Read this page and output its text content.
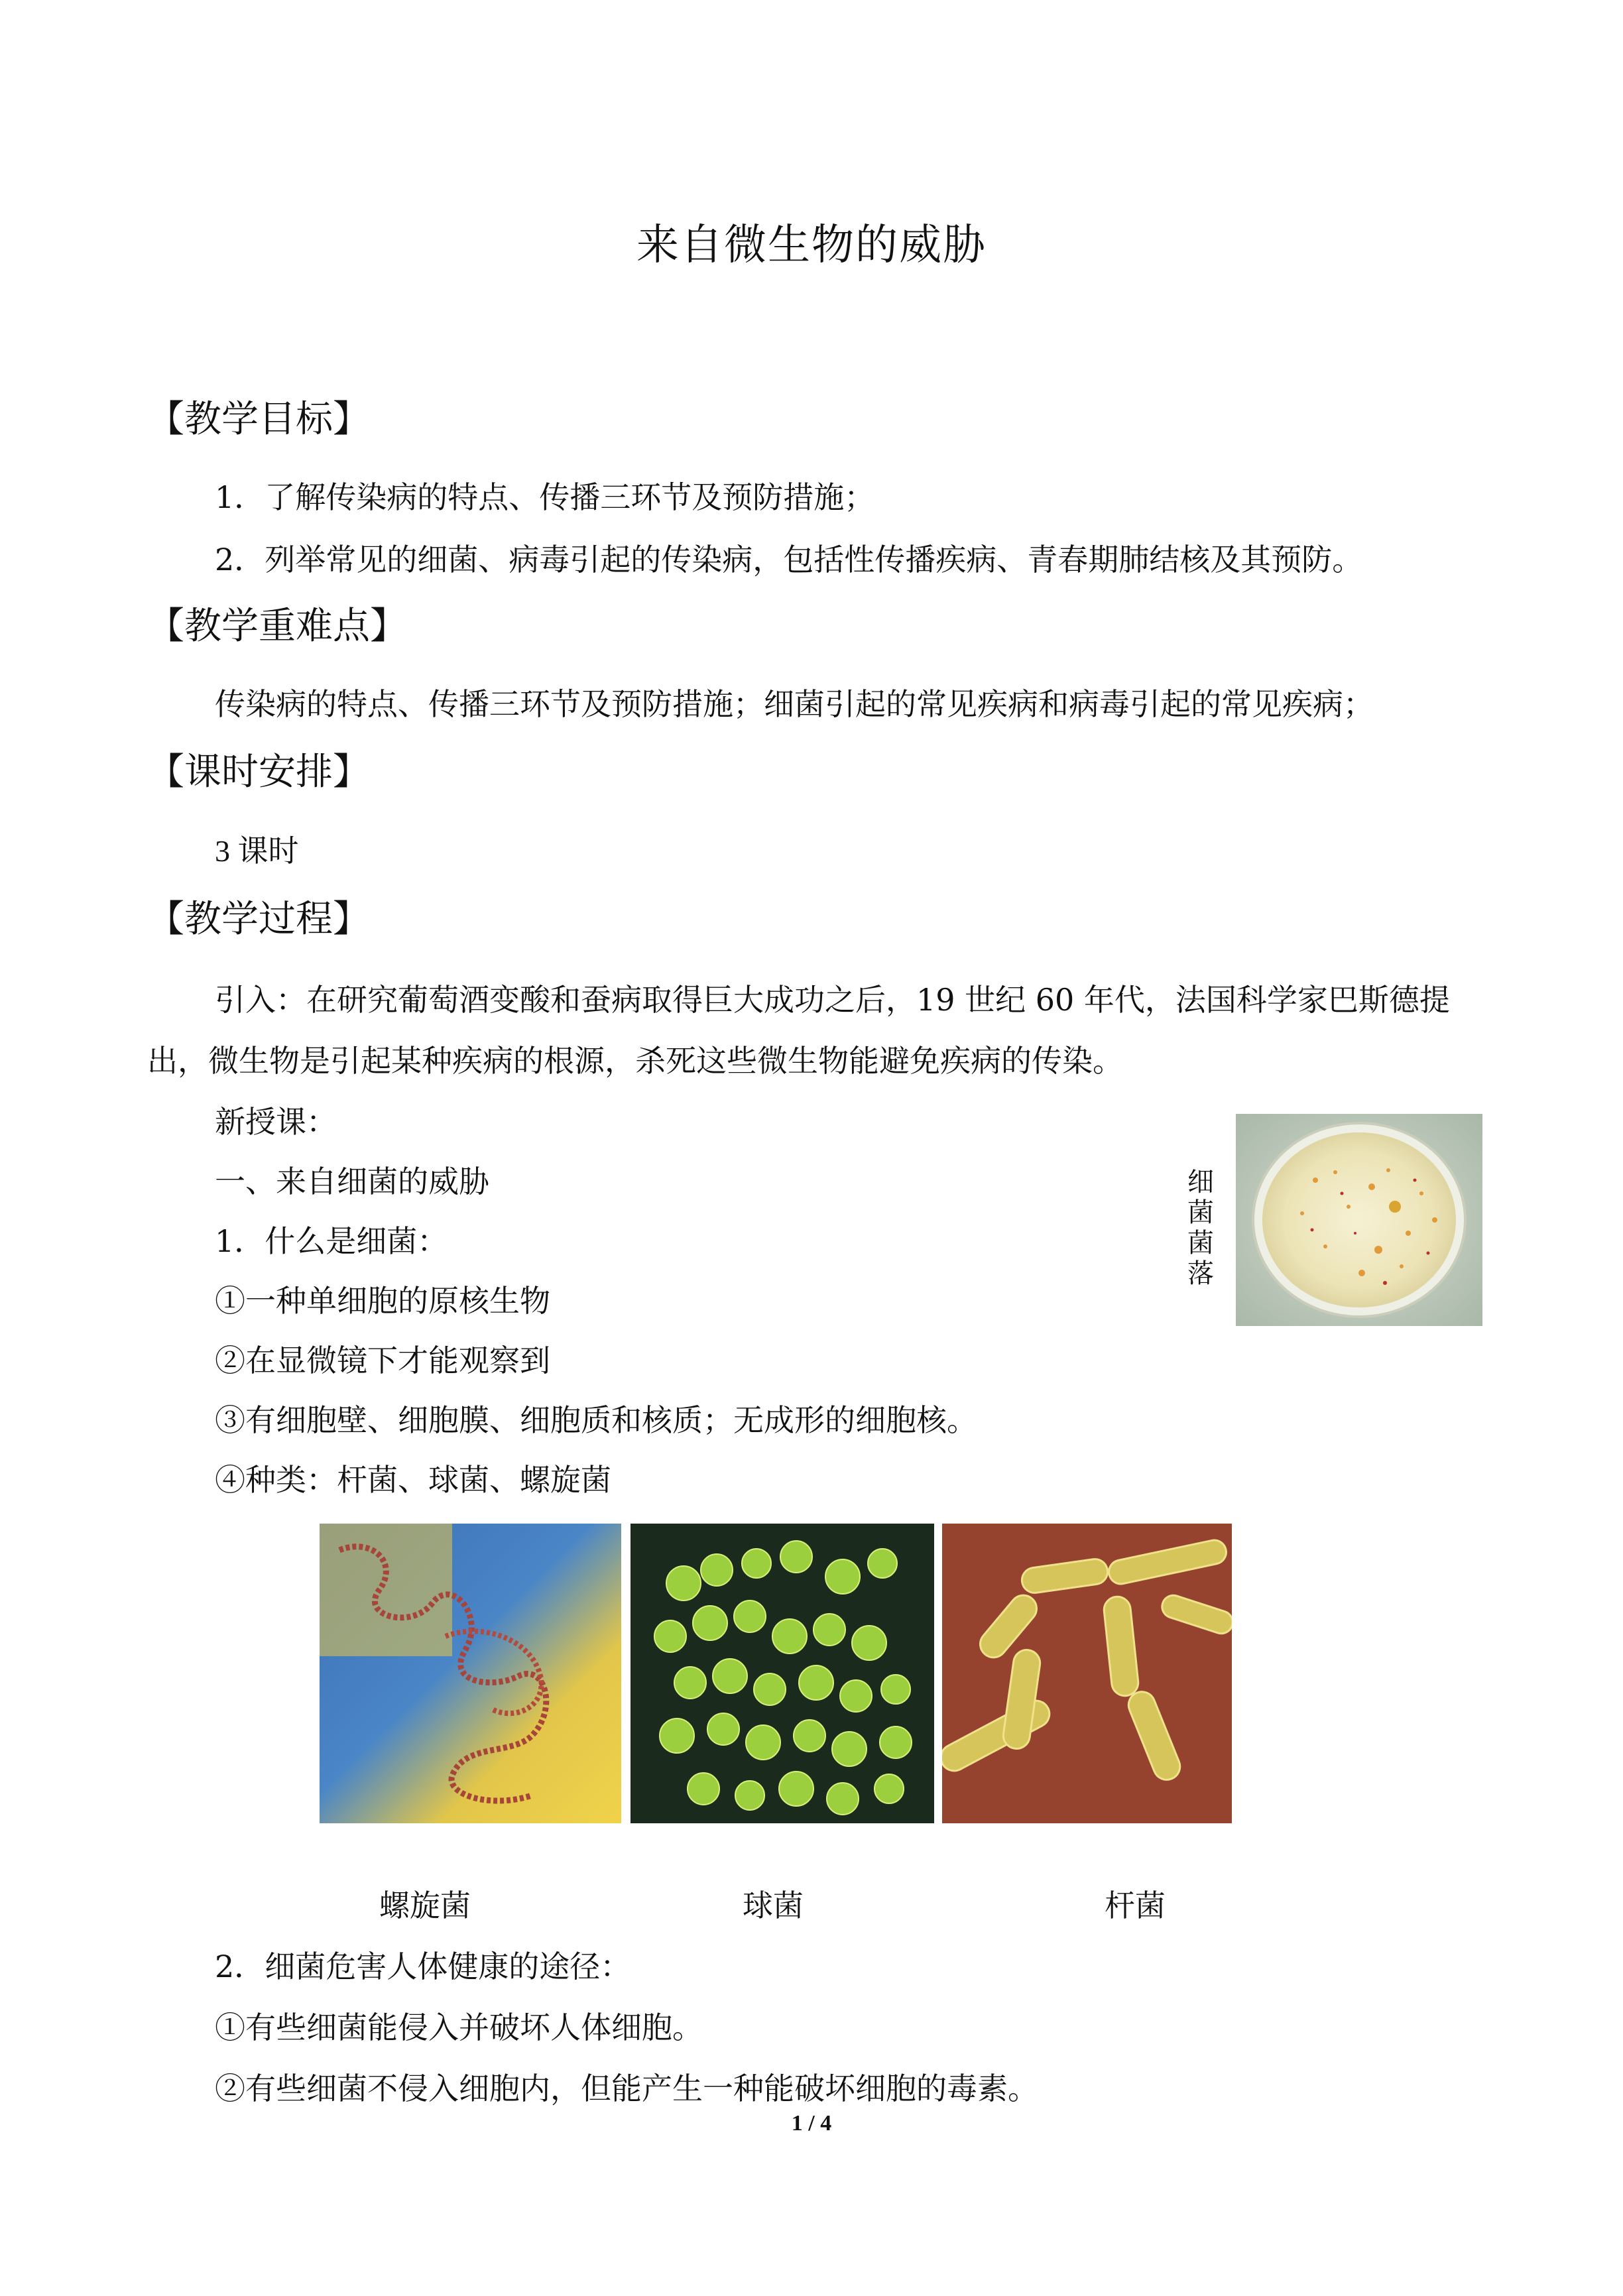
来自微生物的威胁
【教学目标】
1．了解传染病的特点、传播三环节及预防措施；
2．列举常见的细菌、病毒引起的传染病，包括性传播疾病、青春期肺结核及其预防。
【教学重难点】
传染病的特点、传播三环节及预防措施；细菌引起的常见疾病和病毒引起的常见疾病；
【课时安排】
3 课时
【教学过程】
引入：在研究葡萄酒变酸和蚕病取得巨大成功之后，19 世纪 60 年代，法国科学家巴斯德提出，微生物是引起某种疾病的根源，杀死这些微生物能避免疾病的传染。
新授课：
一、来自细菌的威胁
1．什么是细菌：
①一种单细胞的原核生物
②在显微镜下才能观察到
③有细胞壁、细胞膜、细胞质和核质；无成形的细胞核。
④种类：杆菌、球菌、螺旋菌
细
菌
菌
落
螺旋菌	球菌	杆菌
2．细菌危害人体健康的途径：
①有些细菌能侵入并破坏人体细胞。
②有些细菌不侵入细胞内，但能产生一种能破坏细胞的毒素。
1 / 4
